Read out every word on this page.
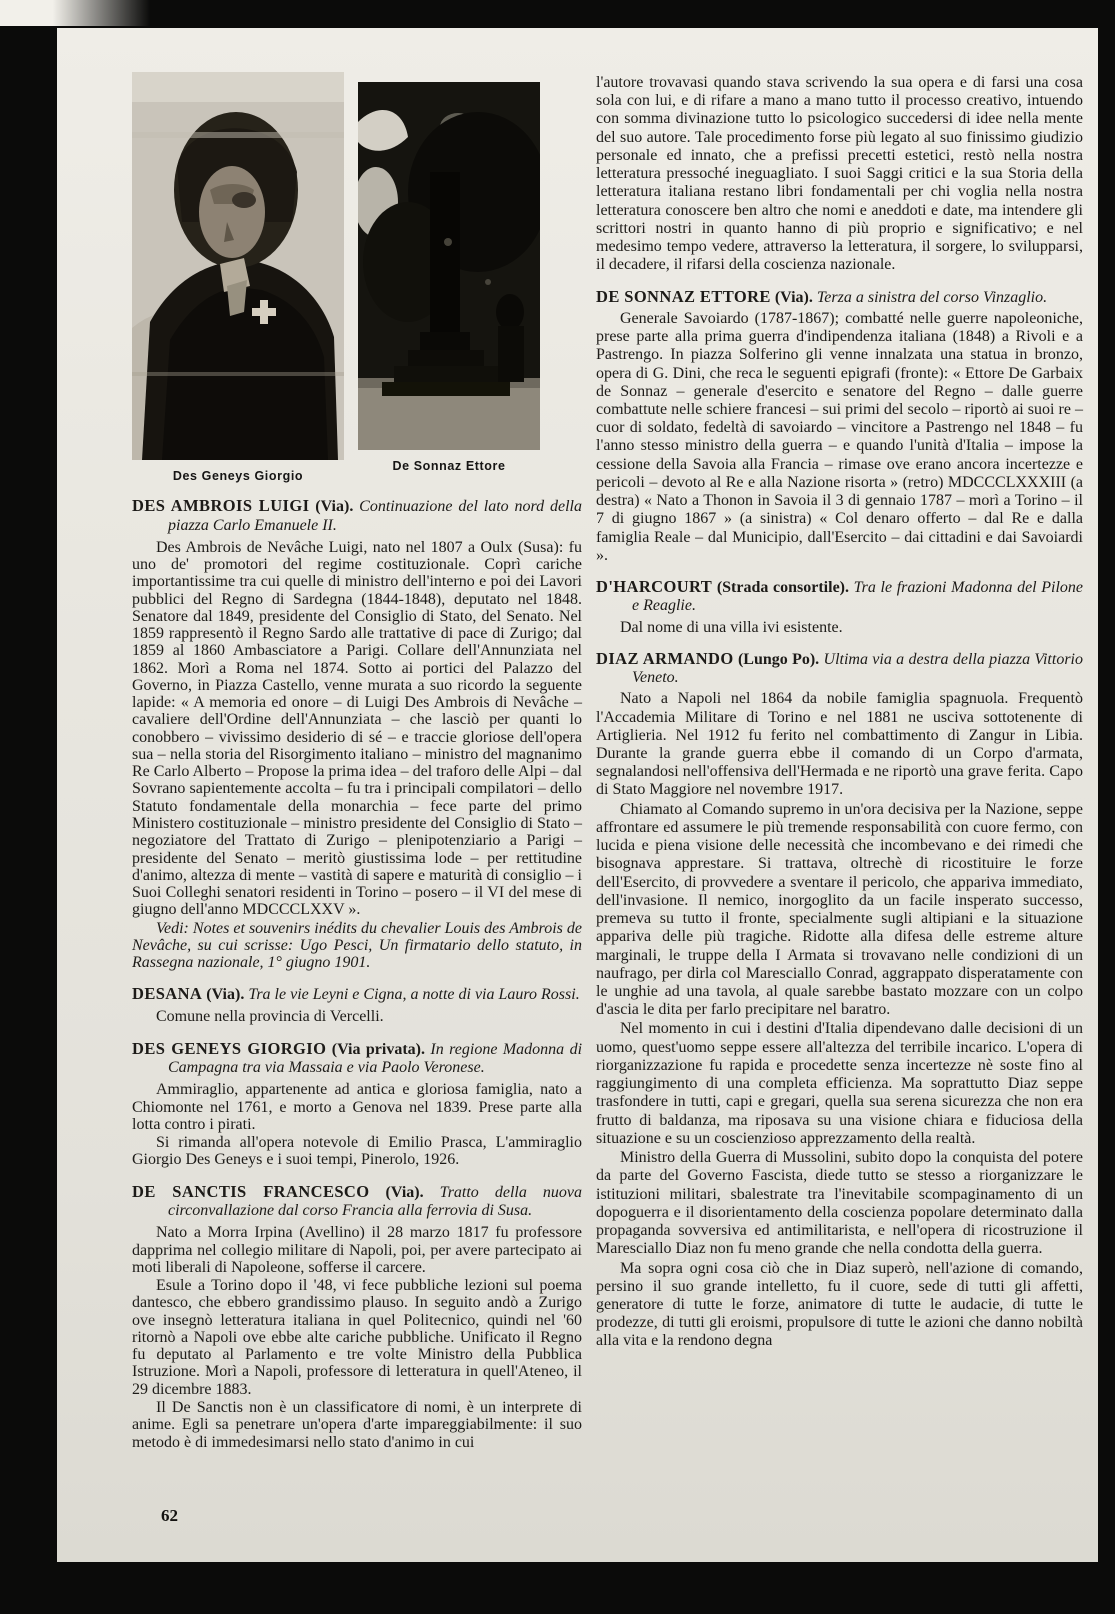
Des Geneys Giorgio
De Sonnaz Ettore

DES AMBROIS LUIGI (Via). Continuazione del lato nord della piazza Carlo Emanuele II.

Des Ambrois de Nevâche Luigi, nato nel 1807 a Oulx (Susa): fu uno de' promotori del regime costituzionale. Coprì cariche importantissime tra cui quelle di ministro dell'interno e poi dei Lavori pubblici del Regno di Sardegna (1844-1848), deputato nel 1848. Senatore dal 1849, presidente del Consiglio di Stato, del Senato. Nel 1859 rappresentò il Regno Sardo alle trattative di pace di Zurigo; dal 1859 al 1860 Ambasciatore a Parigi. Collare dell'Annunziata nel 1862. Morì a Roma nel 1874. Sotto ai portici del Palazzo del Governo, in Piazza Castello, venne murata a suo ricordo la seguente lapide: « A memoria ed onore – di Luigi Des Ambrois di Nevâche – cavaliere dell'Ordine dell'Annunziata – che lasciò per quanti lo conobbero – vivissimo desiderio di sé – e traccie gloriose dell'opera sua – nella storia del Risorgimento italiano – ministro del magnanimo Re Carlo Alberto – Propose la prima idea – del traforo delle Alpi – dal Sovrano sapientemente accolta – fu tra i principali compilatori – dello Statuto fondamentale della monarchia – fece parte del primo Ministero costituzionale – ministro presidente del Consiglio di Stato – negoziatore del Trattato di Zurigo – plenipotenziario a Parigi – presidente del Senato – meritò giustissima lode – per rettitudine d'animo, altezza di mente – vastità di sapere e maturità di consiglio – i Suoi Colleghi senatori residenti in Torino – posero – il VI del mese di giugno dell'anno MDCCCLXXV ».

Vedi: Notes et souvenirs inédits du chevalier Louis des Ambrois de Nevâche, su cui scrisse: Ugo Pesci, Un firmatario dello statuto, in Rassegna nazionale, 1° giugno 1901.

DESANA (Via). Tra le vie Leyni e Cigna, a notte di via Lauro Rossi.

Comune nella provincia di Vercelli.

DES GENEYS GIORGIO (Via privata). In regione Madonna di Campagna tra via Massaia e via Paolo Veronese.

Ammiraglio, appartenente ad antica e gloriosa famiglia, nato a Chiomonte nel 1761, e morto a Genova nel 1839. Prese parte alla lotta contro i pirati.

Si rimanda all'opera notevole di Emilio Prasca, L'ammiraglio Giorgio Des Geneys e i suoi tempi, Pinerolo, 1926.

DE SANCTIS FRANCESCO (Via). Tratto della nuova circonvallazione dal corso Francia alla ferrovia di Susa.

Nato a Morra Irpina (Avellino) il 28 marzo 1817 fu professore dapprima nel collegio militare di Napoli, poi, per avere partecipato ai moti liberali di Napoleone, sofferse il carcere.

Esule a Torino dopo il '48, vi fece pubbliche lezioni sul poema dantesco, che ebbero grandissimo plauso. In seguito andò a Zurigo ove insegnò letteratura italiana in quel Politecnico, quindi nel '60 ritornò a Napoli ove ebbe alte cariche pubbliche. Unificato il Regno fu deputato al Parlamento e tre volte Ministro della Pubblica Istruzione. Morì a Napoli, professore di letteratura in quell'Ateneo, il 29 dicembre 1883.

Il De Sanctis non è un classificatore di nomi, è un interprete di anime. Egli sa penetrare un'opera d'arte impareggiabilmente: il suo metodo è di immedesimarsi nello stato d'animo in cui

l'autore trovavasi quando stava scrivendo la sua opera e di farsi una cosa sola con lui, e di rifare a mano a mano tutto il processo creativo, intuendo con somma divinazione tutto lo psicologico succedersi di idee nella mente del suo autore. Tale procedimento forse più legato al suo finissimo giudizio personale ed innato, che a prefissi precetti estetici, restò nella nostra letteratura pressoché ineguagliato. I suoi Saggi critici e la sua Storia della letteratura italiana restano libri fondamentali per chi voglia nella nostra letteratura conoscere ben altro che nomi e aneddoti e date, ma intendere gli scrittori nostri in quanto hanno di più proprio e significativo; e nel medesimo tempo vedere, attraverso la letteratura, il sorgere, lo svilupparsi, il decadere, il rifarsi della coscienza nazionale.

DE SONNAZ ETTORE (Via). Terza a sinistra del corso Vinzaglio.

Generale Savoiardo (1787-1867); combatté nelle guerre napoleoniche, prese parte alla prima guerra d'indipendenza italiana (1848) a Rivoli e a Pastrengo. In piazza Solferino gli venne innalzata una statua in bronzo, opera di G. Dini, che reca le seguenti epigrafi (fronte): « Ettore De Garbaix de Sonnaz – generale d'esercito e senatore del Regno – dalle guerre combattute nelle schiere francesi – sui primi del secolo – riportò ai suoi re – cuor di soldato, fedeltà di savoiardo – vincitore a Pastrengo nel 1848 – fu l'anno stesso ministro della guerra – e quando l'unità d'Italia – impose la cessione della Savoia alla Francia – rimase ove erano ancora incertezze e pericoli – devoto al Re e alla Nazione risorta » (retro) MDCCCLXXXIII (a destra) « Nato a Thonon in Savoia il 3 di gennaio 1787 – morì a Torino – il 7 di giugno 1867 » (a sinistra) « Col denaro offerto – dal Re e dalla famiglia Reale – dal Municipio, dall'Esercito – dai cittadini e dai Savoiardi ».

D'HARCOURT (Strada consortile). Tra le frazioni Madonna del Pilone e Reaglie.

Dal nome di una villa ivi esistente.

DIAZ ARMANDO (Lungo Po). Ultima via a destra della piazza Vittorio Veneto.

Nato a Napoli nel 1864 da nobile famiglia spagnuola. Frequentò l'Accademia Militare di Torino e nel 1881 ne usciva sottotenente di Artiglieria. Nel 1912 fu ferito nel combattimento di Zangur in Libia. Durante la grande guerra ebbe il comando di un Corpo d'armata, segnalandosi nell'offensiva dell'Hermada e ne riportò una grave ferita. Capo di Stato Maggiore nel novembre 1917.

Chiamato al Comando supremo in un'ora decisiva per la Nazione, seppe affrontare ed assumere le più tremende responsabilità con cuore fermo, con lucida e piena visione delle necessità che incombevano e dei rimedi che bisognava apprestare. Si trattava, oltrechè di ricostituire le forze dell'Esercito, di provvedere a sventare il pericolo, che appariva immediato, dell'invasione. Il nemico, inorgoglito da un facile insperato successo, premeva su tutto il fronte, specialmente sugli altipiani e la situazione appariva delle più tragiche. Ridotte alla difesa delle estreme alture marginali, le truppe della I Armata si trovavano nelle condizioni di un naufrago, per dirla col Maresciallo Conrad, aggrappato disperatamente con le unghie ad una tavola, al quale sarebbe bastato mozzare con un colpo d'ascia le dita per farlo precipitare nel baratro.

Nel momento in cui i destini d'Italia dipendevano dalle decisioni di un uomo, quest'uomo seppe essere all'altezza del terribile incarico. L'opera di riorganizzazione fu rapida e procedette senza incertezze nè soste fino al raggiungimento di una completa efficienza. Ma soprattutto Diaz seppe trasfondere in tutti, capi e gregari, quella sua serena sicurezza che non era frutto di baldanza, ma riposava su una visione chiara e fiduciosa della situazione e su un coscienzioso apprezzamento della realtà.

Ministro della Guerra di Mussolini, subito dopo la conquista del potere da parte del Governo Fascista, diede tutto se stesso a riorganizzare le istituzioni militari, sbalestrate tra l'inevitabile scompaginamento di un dopoguerra e il disorientamento della coscienza popolare determinato dalla propaganda sovversiva ed antimilitarista, e nell'opera di ricostruzione il Maresciallo Diaz non fu meno grande che nella condotta della guerra.

Ma sopra ogni cosa ciò che in Diaz superò, nell'azione di comando, persino il suo grande intelletto, fu il cuore, sede di tutti gli affetti, generatore di tutte le forze, animatore di tutte le audacie, di tutte le prodezze, di tutti gli eroismi, propulsore di tutte le azioni che danno nobiltà alla vita e la rendono degna

62
